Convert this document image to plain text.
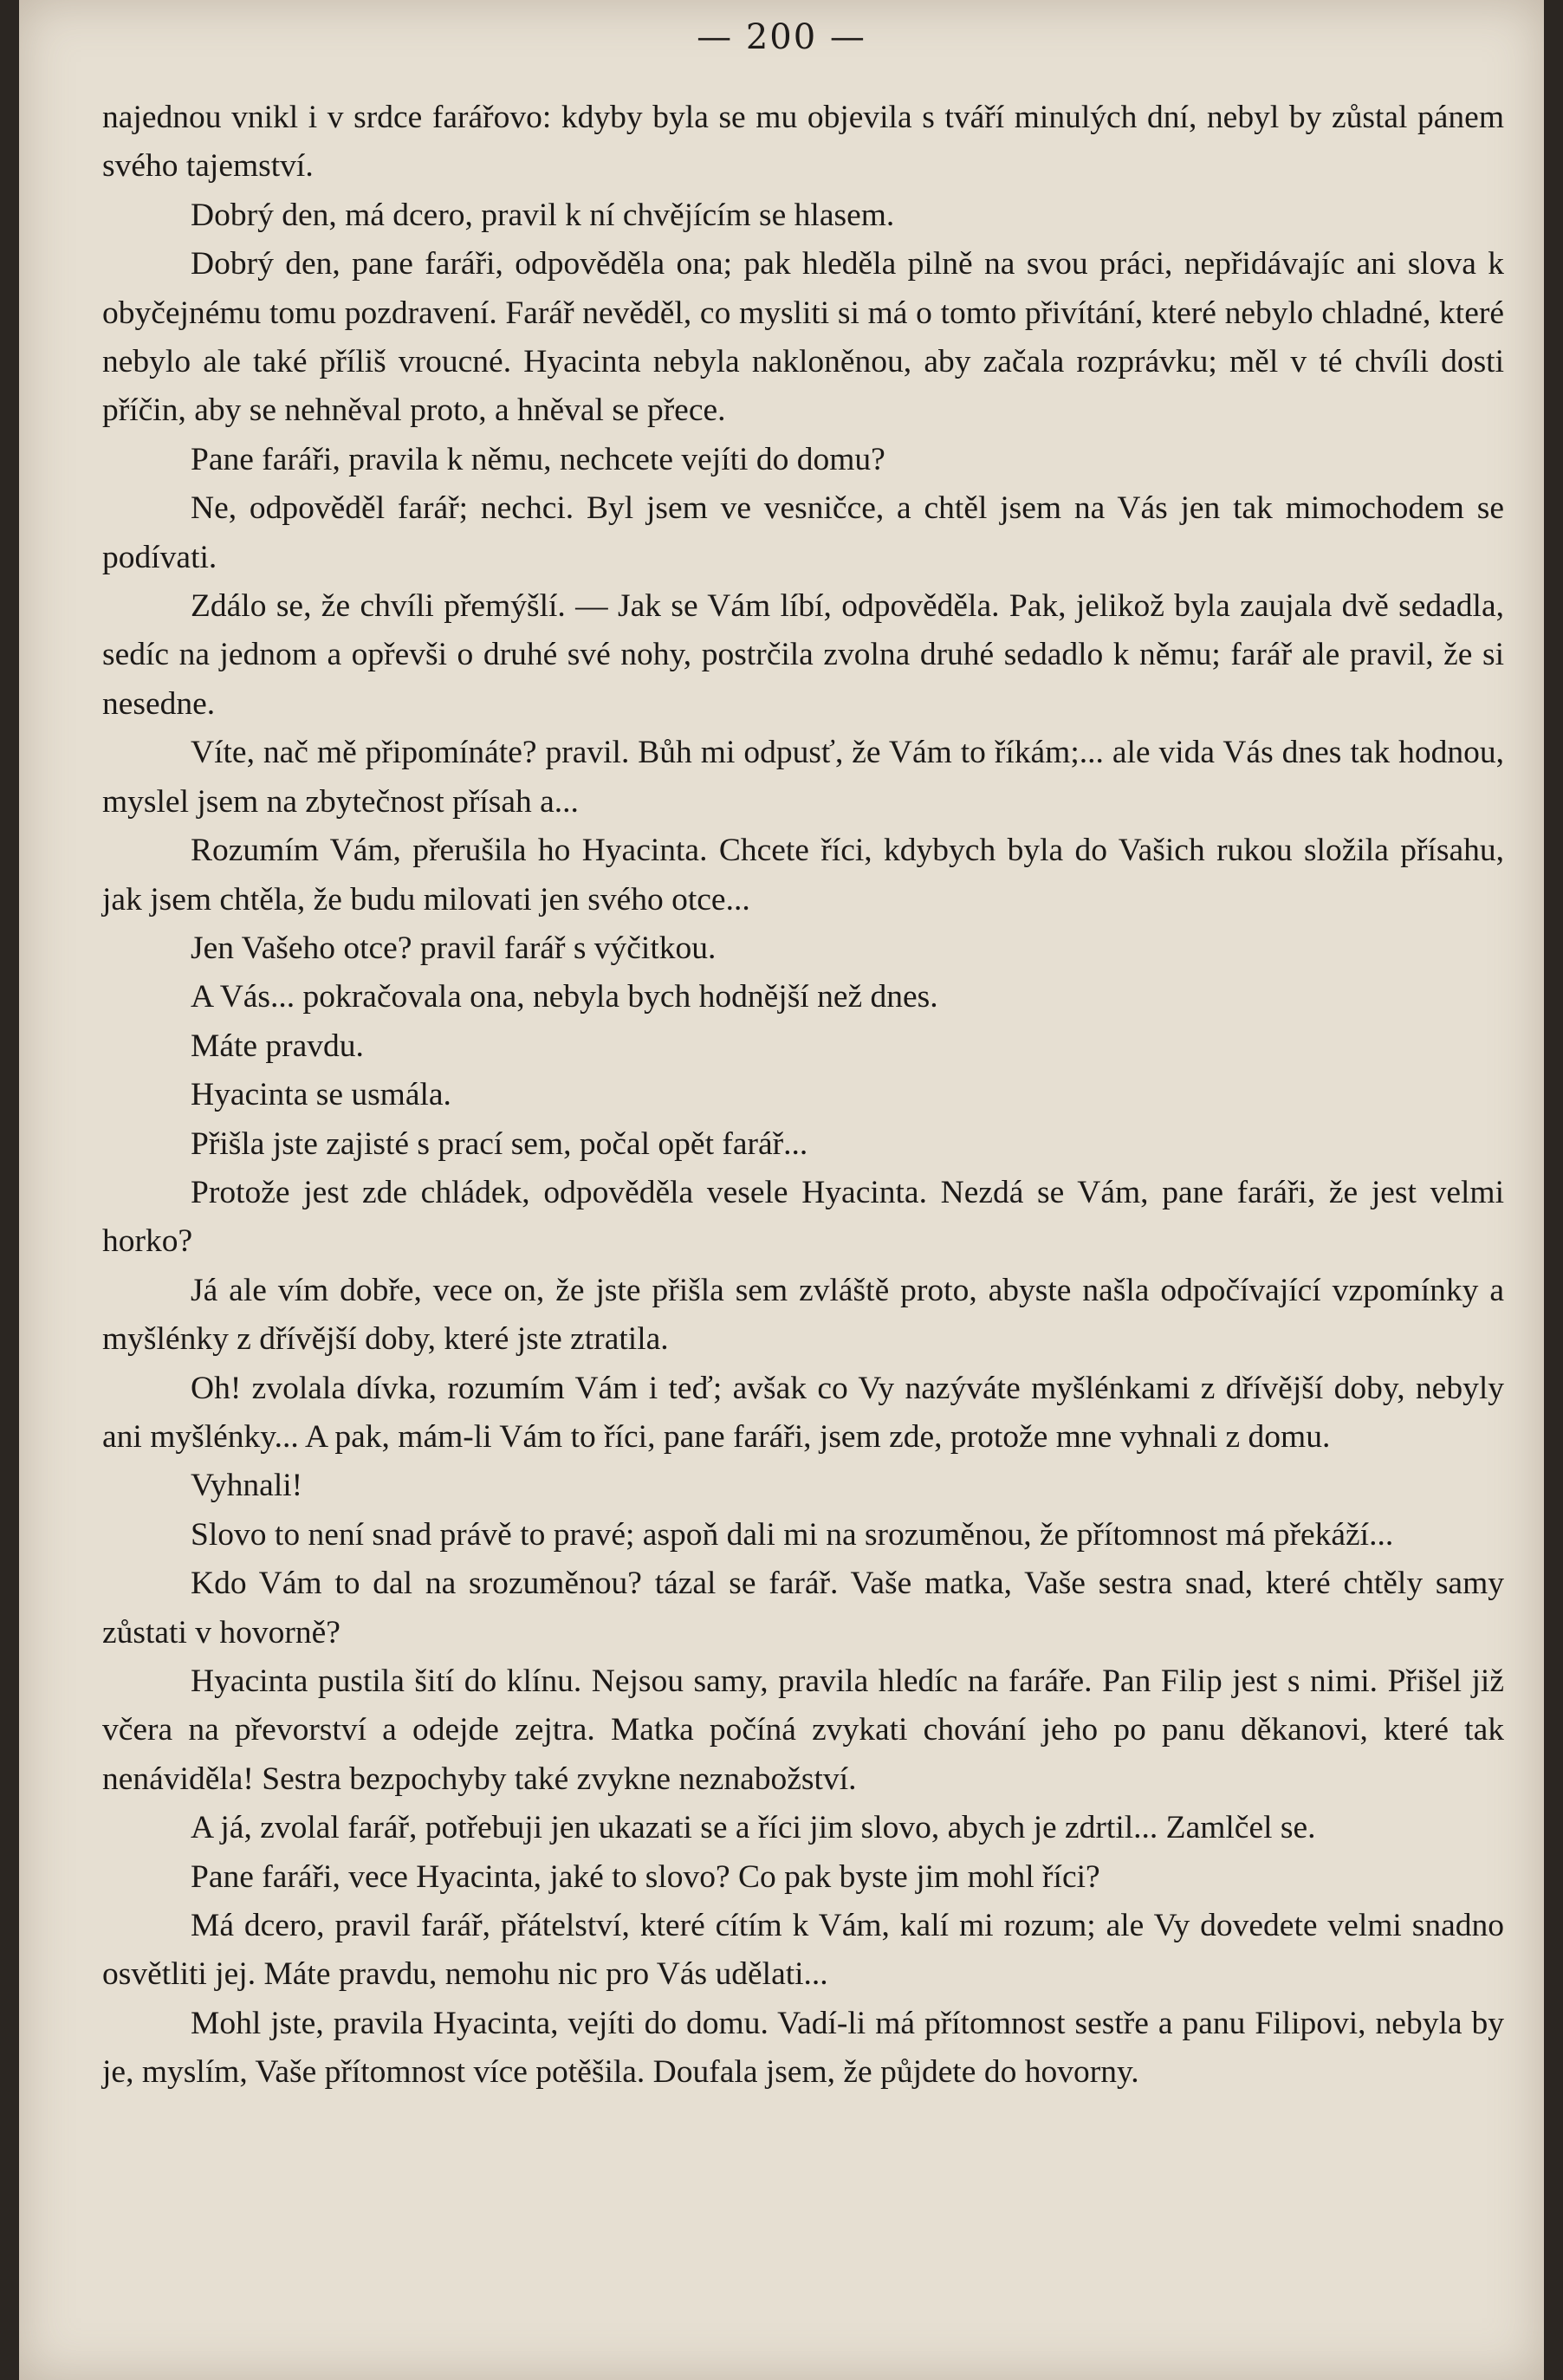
— 200 —

najednou vnikl i v srdce farářovo: kdyby byla se mu objevila s tváří minulých dní, nebyl by zůstal pánem svého tajemství.

Dobrý den, má dcero, pravil k ní chvějícím se hlasem.

Dobrý den, pane faráři, odpověděla ona; pak hleděla pilně na svou práci, nepřidávajíc ani slova k obyčejnému tomu pozdravení. Farář nevěděl, co mysliti si má o tomto přivítání, které nebylo chladné, které nebylo ale také příliš vroucné. Hyacinta nebyla nakloněnou, aby začala rozprávku; měl v té chvíli dosti příčin, aby se nehněval proto, a hněval se přece.

Pane faráři, pravila k němu, nechcete vejíti do domu?

Ne, odpověděl farář; nechci. Byl jsem ve vesničce, a chtěl jsem na Vás jen tak mimochodem se podívati.

Zdálo se, že chvíli přemýšlí. — Jak se Vám líbí, odpověděla. Pak, jelikož byla zaujala dvě sedadla, sedíc na jednom a opřevši o druhé své nohy, postrčila zvolna druhé sedadlo k němu; farář ale pravil, že si nesedne.

Víte, nač mě připomínáte? pravil. Bůh mi odpusť, že Vám to říkám;... ale vida Vás dnes tak hodnou, myslel jsem na zbytečnost přísah a...

Rozumím Vám, přerušila ho Hyacinta. Chcete říci, kdybych byla do Vašich rukou složila přísahu, jak jsem chtěla, že budu milovati jen svého otce...

Jen Vašeho otce? pravil farář s výčitkou.

A Vás... pokračovala ona, nebyla bych hodnější než dnes.

Máte pravdu.

Hyacinta se usmála.

Přišla jste zajisté s prací sem, počal opět farář...

Protože jest zde chládek, odpověděla vesele Hyacinta. Nezdá se Vám, pane faráři, že jest velmi horko?

Já ale vím dobře, vece on, že jste přišla sem zvláště proto, abyste našla odpočívající vzpomínky a myšlénky z dřívější doby, které jste ztratila.

Oh! zvolala dívka, rozumím Vám i teď; avšak co Vy nazýváte myšlénkami z dřívější doby, nebyly ani myšlénky... A pak, mám-li Vám to říci, pane faráři, jsem zde, protože mne vyhnali z domu.

Vyhnali!

Slovo to není snad právě to pravé; aspoň dali mi na srozuměnou, že přítomnost má překáží...

Kdo Vám to dal na srozuměnou? tázal se farář. Vaše matka, Vaše sestra snad, které chtěly samy zůstati v hovorně?

Hyacinta pustila šití do klínu. Nejsou samy, pravila hledíc na faráře. Pan Filip jest s nimi. Přišel již včera na převorství a odejde zejtra. Matka počíná zvykati chování jeho po panu děkanovi, které tak nenáviděla! Sestra bezpochyby také zvykne neznabožství.

A já, zvolal farář, potřebuji jen ukazati se a říci jim slovo, abych je zdrtil... Zamlčel se.

Pane faráři, vece Hyacinta, jaké to slovo? Co pak byste jim mohl říci?

Má dcero, pravil farář, přátelství, které cítím k Vám, kalí mi rozum; ale Vy dovedete velmi snadno osvětliti jej. Máte pravdu, nemohu nic pro Vás udělati...

Mohl jste, pravila Hyacinta, vejíti do domu. Vadí-li má přítomnost sestře a panu Filipovi, nebyla by je, myslím, Vaše přítomnost více potěšila. Doufala jsem, že půjdete do hovorny.
